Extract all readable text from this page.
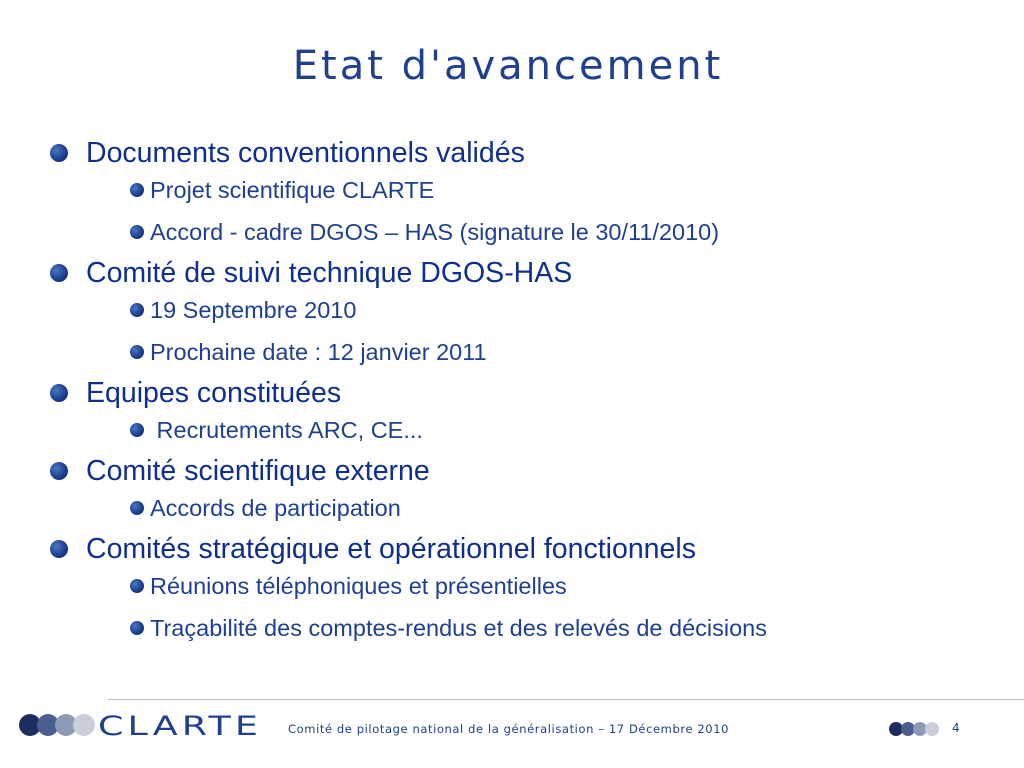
Etat d'avancement
Documents conventionnels validés
Projet scientifique CLARTE
Accord - cadre DGOS – HAS (signature le 30/11/2010)
Comité de suivi technique DGOS-HAS
19 Septembre 2010
Prochaine date : 12 janvier 2011
Equipes constituées
Recrutements ARC, CE...
Comité scientifique externe
Accords de participation
Comités stratégique et opérationnel fonctionnels
Réunions téléphoniques et présentielles
Traçabilité des comptes-rendus et des relevés de décisions
CLARTE Comité de pilotage national de la généralisation – 17 Décembre 2010	4
